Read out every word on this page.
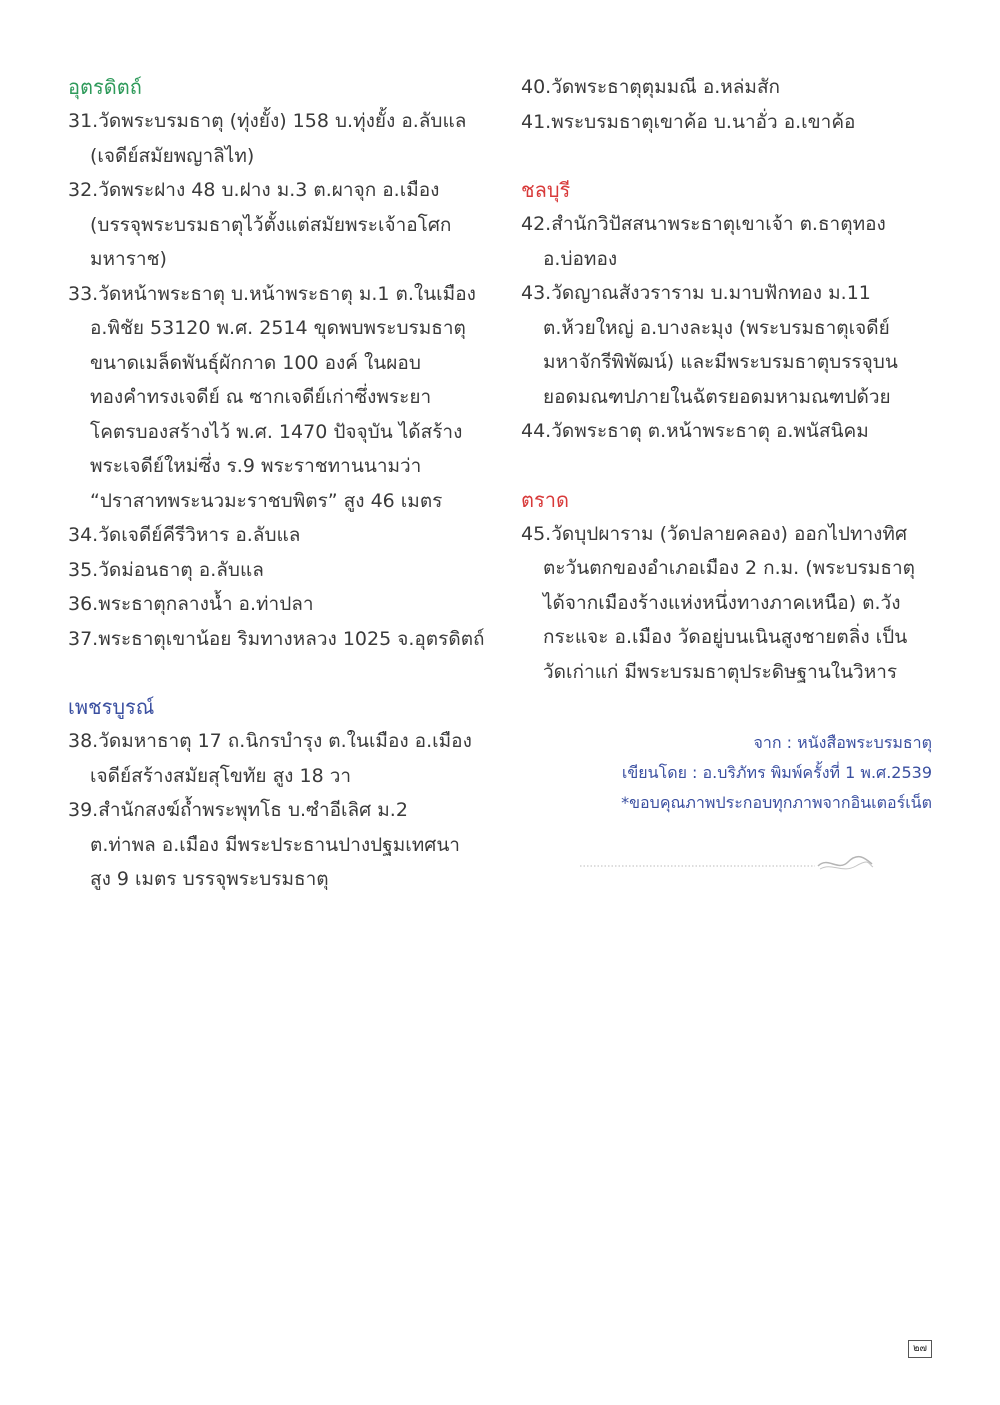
อุตรดิตถ์

31.วัดพระบรมธาตุ (ทุ่งยั้ง) 158 บ.ทุ่งยั้ง อ.ลับแล

(เจดีย์สมัยพญาลิไท)

32.วัดพระฝาง 48 บ.ฝาง ม.3 ต.ผาจุก อ.เมือง

(บรรจุพระบรมธาตุไว้ตั้งแต่สมัยพระเจ้าอโศก

มหาราช)

33.วัดหน้าพระธาตุ บ.หน้าพระธาตุ ม.1 ต.ในเมือง

อ.พิชัย 53120 พ.ศ. 2514 ขุดพบพระบรมธาตุ

ขนาดเมล็ดพันธุ์ผักกาด 100 องค์ ในผอบ

ทองคำทรงเจดีย์ ณ ซากเจดีย์เก่าซึ่งพระยา

โคตรบองสร้างไว้ พ.ศ. 1470 ปัจจุบัน ได้สร้าง

พระเจดีย์ใหม่ซึ่ง ร.9 พระราชทานนามว่า

“ปราสาทพระนวมะราชบพิตร” สูง 46 เมตร

34.วัดเจดีย์คีรีวิหาร อ.ลับแล

35.วัดม่อนธาตุ อ.ลับแล

36.พระธาตุกลางน้ำ อ.ท่าปลา

37.พระธาตุเขาน้อย ริมทางหลวง 1025 จ.อุตรดิตถ์

เพชรบูรณ์

38.วัดมหาธาตุ 17 ถ.นิกรบำรุง ต.ในเมือง อ.เมือง

เจดีย์สร้างสมัยสุโขทัย สูง 18 วา

39.สำนักสงฆ์ถ้ำพระพุทโธ บ.ซำอีเลิศ ม.2

ต.ท่าพล อ.เมือง มีพระประธานปางปฐมเทศนา

สูง 9 เมตร บรรจุพระบรมธาตุ

40.วัดพระธาตุตุมมณี อ.หล่มสัก

41.พระบรมธาตุเขาค้อ บ.นาอั่ว อ.เขาค้อ

ชลบุรี

42.สำนักวิปัสสนาพระธาตุเขาเจ้า ต.ธาตุทอง

อ.บ่อทอง

43.วัดญาณสังวราราม บ.มาบฟักทอง ม.11

ต.ห้วยใหญ่ อ.บางละมุง (พระบรมธาตุเจดีย์

มหาจักรีพิพัฒน์) และมีพระบรมธาตุบรรจุบน

ยอดมณฑปภายในฉัตรยอดมหามณฑปด้วย

44.วัดพระธาตุ ต.หน้าพระธาตุ อ.พนัสนิคม

ตราด

45.วัดบุปผาราม (วัดปลายคลอง) ออกไปทางทิศ

ตะวันตกของอำเภอเมือง 2 ก.ม. (พระบรมธาตุ

ได้จากเมืองร้างแห่งหนึ่งทางภาคเหนือ) ต.วัง

กระแจะ อ.เมือง วัดอยู่บนเนินสูงชายตลิ่ง เป็น

วัดเก่าแก่ มีพระบรมธาตุประดิษฐานในวิหาร

จาก : หนังสือพระบรมธาตุ
เขียนโดย : อ.บริภัทร พิมพ์ครั้งที่ 1 พ.ศ.2539
*ขอบคุณภาพประกอบทุกภาพจากอินเตอร์เน็ต
๒๗
